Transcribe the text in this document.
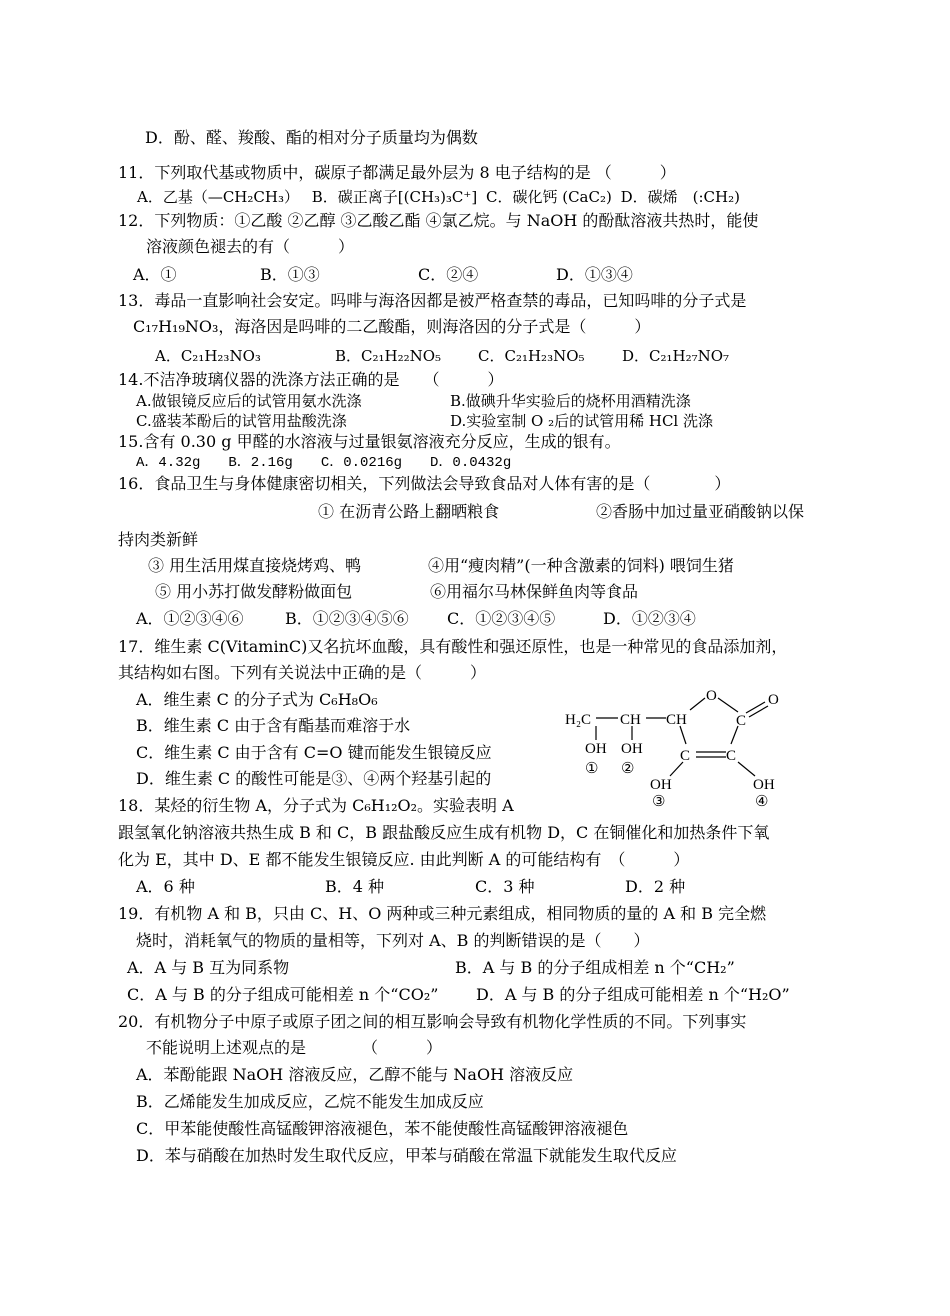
D．酚、醛、羧酸、酯的相对分子质量均为偶数
11．下列取代基或物质中，碳原子都满足最外层为 8 电子结构的是 （　　　）
A．乙基（—CH₂CH₃） B．碳正离子[(CH₃)₃C⁺] C．碳化钙 (CaC₂) D．碳烯　(:CH₂)
12．下列物质：①乙酸 ②乙醇 ③乙酸乙酯 ④氯乙烷。与 NaOH 的酚酞溶液共热时，能使
溶液颜色褪去的有（　　　）
A．①	B．①③	C．②④	D．①③④
13．毒品一直影响社会安定。吗啡与海洛因都是被严格查禁的毒品，已知吗啡的分子式是
C₁₇H₁₉NO₃，海洛因是吗啡的二乙酸酯，则海洛因的分子式是（　　　）
A．C₂₁H₂₃NO₃	B．C₂₁H₂₂NO₅ C．C₂₁H₂₃NO₅ D．C₂₁H₂₇NO₇
14.不洁净玻璃仪器的洗涤方法正确的是　　（　　　）
A.做银镜反应后的试管用氨水洗涤	B.做碘升华实验后的烧杯用酒精洗涤
C.盛装苯酚后的试管用盐酸洗涤	D.实验室制 O ₂后的试管用稀 HCl 洗涤
15.含有 0.30 g 甲醛的水溶液与过量银氨溶液充分反应，生成的银有。
A．4.32g　　B．2.16g　　C．0.0216g　　D．0.0432g
16．食品卫生与身体健康密切相关，下列做法会导致食品对人体有害的是（　　　　）
① 在沥青公路上翻晒粮食	②香肠中加过量亚硝酸钠以保
持肉类新鲜
③ 用生活用煤直接烧烤鸡、鸭	④用“瘦肉精”(一种含激素的饲料) 喂饲生猪
⑤ 用小苏打做发酵粉做面包	⑥用福尔马林保鲜鱼肉等食品
A．①②③④⑥	B．①②③④⑤⑥ C．①②③④⑤	D．①②③④
17．维生素 C(VitaminC)又名抗坏血酸，具有酸性和强还原性，也是一种常见的食品添加剂，
其结构如右图。下列有关说法中正确的是（　　　）
A．维生素 C 的分子式为 C₆H₈O₆
B．维生素 C 由于含有酯基而难溶于水
C．维生素 C 由于含有 C=O 键而能发生银镜反应
D．维生素 C 的酸性可能是③、④两个羟基引起的
H₂C CH CH
O	O
C
C C
OH OH
OH	OH
① ②
③	④
18．某烃的衍生物 A，分子式为 C₆H₁₂O₂。实验表明 A
跟氢氧化钠溶液共热生成 B 和 C，B 跟盐酸反应生成有机物 D，C 在铜催化和加热条件下氧
化为 E，其中 D、E 都不能发生银镜反应. 由此判断 A 的可能结构有　（　　　）
A．6 种	B．4 种	C．3 种	D．2 种
19．有机物 A 和 B，只由 C、H、O 两种或三种元素组成，相同物质的量的 A 和 B 完全燃
烧时，消耗氧气的物质的量相等，下列对 A、B 的判断错误的是（　　）
A．A 与 B 互为同系物	B．A 与 B 的分子组成相差 n 个“CH₂”
C．A 与 B 的分子组成可能相差 n 个“CO₂” D．A 与 B 的分子组成可能相差 n 个“H₂O”
20．有机物分子中原子或原子团之间的相互影响会导致有机物化学性质的不同。下列事实
不能说明上述观点的是　　　　（　　　）
A．苯酚能跟 NaOH 溶液反应，乙醇不能与 NaOH 溶液反应
B．乙烯能发生加成反应，乙烷不能发生加成反应
C．甲苯能使酸性高锰酸钾溶液褪色，苯不能使酸性高锰酸钾溶液褪色
D．苯与硝酸在加热时发生取代反应，甲苯与硝酸在常温下就能发生取代反应
